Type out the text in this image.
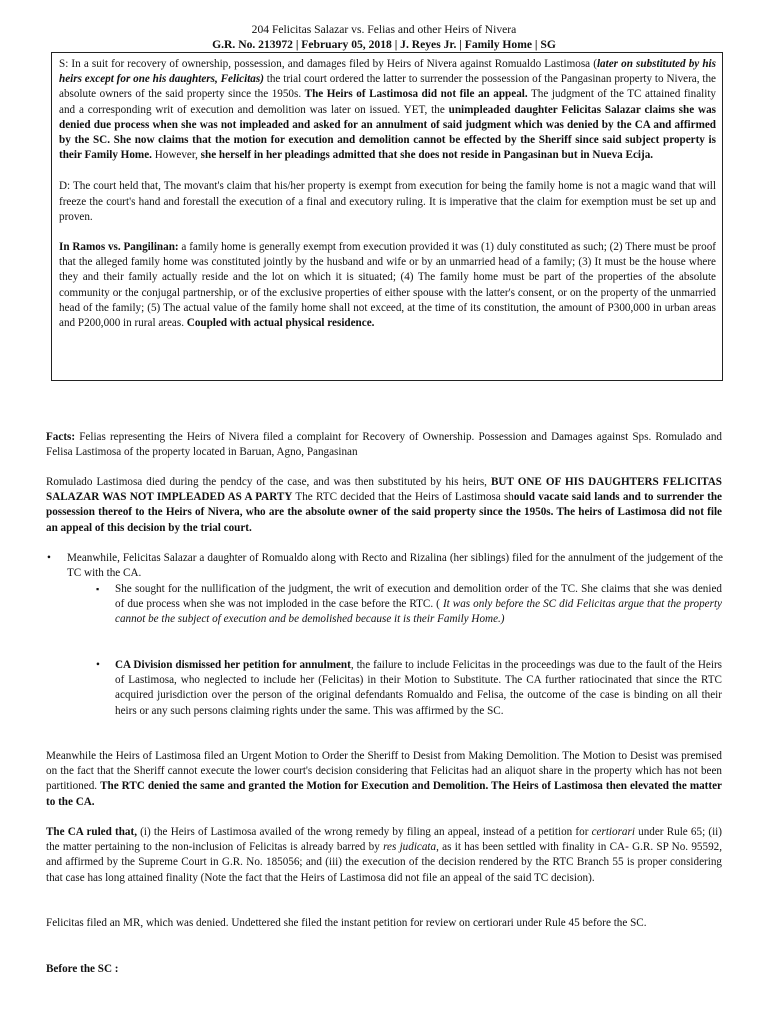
204 Felicitas Salazar vs. Felias and other Heirs of Nivera
G.R. No. 213972 | February 05, 2018 | J. Reyes Jr. | Family Home | SG

S: In a suit for recovery of ownership, possession, and damages filed by Heirs of Nivera against Romualdo Lastimosa (later on substituted by his heirs except for one his daughters, Felicitas) the trial court ordered the latter to surrender the possession of the Pangasinan property to Nivera, the absolute owners of the said property since the 1950s. The Heirs of Lastimosa did not file an appeal. The judgment of the TC attained finality and a corresponding writ of execution and demolition was later on issued. YET, the unimpleaded daughter Felicitas Salazar claims she was denied due process when she was not impleaded and asked for an annulment of said judgment which was denied by the CA and affirmed by the SC. She now claims that the motion for execution and demolition cannot be effected by the Sheriff since said subject property is their Family Home. However, she herself in her pleadings admitted that she does not reside in Pangasinan but in Nueva Ecija.

D: The court held that, The movant's claim that his/her property is exempt from execution for being the family home is not a magic wand that will freeze the court's hand and forestall the execution of a final and executory ruling. It is imperative that the claim for exemption must be set up and proven.

In Ramos vs. Pangilinan: a family home is generally exempt from execution provided it was (1) duly constituted as such; (2) There must be proof that the alleged family home was constituted jointly by the husband and wife or by an unmarried head of a family; (3) It must be the house where they and their family actually reside and the lot on which it is situated; (4) The family home must be part of the properties of the absolute community or the conjugal partnership, or of the exclusive properties of either spouse with the latter's consent, or on the property of the unmarried head of the family; (5) The actual value of the family home shall not exceed, at the time of its constitution, the amount of P300,000 in urban areas and P200,000 in rural areas. Coupled with actual physical residence.

Facts: Felias representing the Heirs of Nivera filed a complaint for Recovery of Ownership. Possession and Damages against Sps. Romulado and Felisa Lastimosa of the property located in Baruan, Agno, Pangasinan

Romulado Lastimosa died during the pendcy of the case, and was then substituted by his heirs, BUT ONE OF HIS DAUGHTERS FELICITAS SALAZAR WAS NOT IMPLEADED AS A PARTY The RTC decided that the Heirs of Lastimosa should vacate said lands and to surrender the possession thereof to the Heirs of Nivera, who are the absolute owner of the said property since the 1950s. The heirs of Lastimosa did not file an appeal of this decision by the trial court.

•	Meanwhile, Felicitas Salazar a daughter of Romualdo along with Recto and Rizalina (her siblings) filed for the annulment of the judgement of the TC with the CA.
▪	She sought for the nullification of the judgment, the writ of execution and demolition order of the TC. She claims that she was denied of due process when she was not imploded in the case before the RTC. ( It was only before the SC did Felicitas argue that the property cannot be the subject of execution and be demolished because it is their Family Home.)
•	CA Division dismissed her petition for annulment, the failure to include Felicitas in the proceedings was due to the fault of the Heirs of Lastimosa, who neglected to include her (Felicitas) in their Motion to Substitute. The CA further ratiocinated that since the RTC acquired jurisdiction over the person of the original defendants Romualdo and Felisa, the outcome of the case is binding on all their heirs or any such persons claiming rights under the same. This was affirmed by the SC.

Meanwhile the Heirs of Lastimosa filed an Urgent Motion to Order the Sheriff to Desist from Making Demolition. The Motion to Desist was premised on the fact that the Sheriff cannot execute the lower court's decision considering that Felicitas had an aliquot share in the property which has not been partitioned. The RTC denied the same and granted the Motion for Execution and Demolition. The Heirs of Lastimosa then elevated the matter to the CA.

The CA ruled that, (i) the Heirs of Lastimosa availed of the wrong remedy by filing an appeal, instead of a petition for certiorari under Rule 65; (ii) the matter pertaining to the non-inclusion of Felicitas is already barred by res judicata, as it has been settled with finality in CA- G.R. SP No. 95592, and affirmed by the Supreme Court in G.R. No. 185056; and (iii) the execution of the decision rendered by the RTC Branch 55 is proper considering that case has long attained finality (Note the fact that the Heirs of Lastimosa did not file an appeal of the said TC decision).

Felicitas filed an MR, which was denied. Undettered she filed the instant petition for review on certiorari under Rule 45 before the SC.

Before the SC :
